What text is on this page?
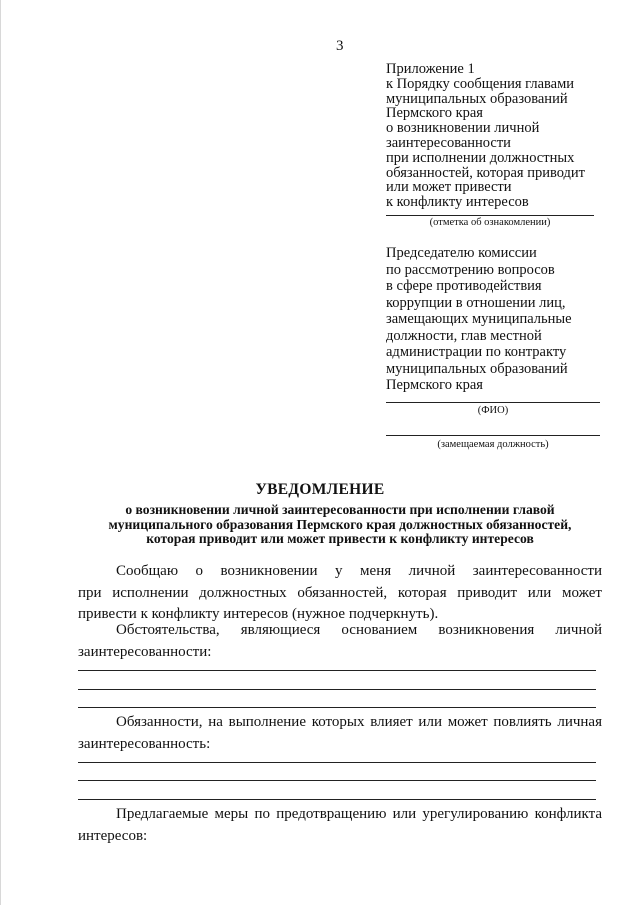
3
Приложение 1
к Порядку сообщения главами
муниципальных образований
Пермского края
о возникновении личной
заинтересованности
при исполнении должностных
обязанностей, которая приводит
или может привести
к конфликту интересов
(отметка об ознакомлении)
Председателю комиссии
по рассмотрению вопросов
в сфере противодействия
коррупции в отношении лиц,
замещающих муниципальные
должности, глав местной
администрации по контракту
муниципальных образований
Пермского края
(ФИО)
(замещаемая должность)
УВЕДОМЛЕНИЕ
о возникновении личной заинтересованности при исполнении главой
муниципального образования Пермского края должностных обязанностей,
которая приводит или может привести к конфликту интересов
Сообщаю о возникновении у меня личной заинтересованности
при исполнении должностных обязанностей, которая приводит или может
привести к конфликту интересов (нужное подчеркнуть).
Обстоятельства, являющиеся основанием возникновения личной
заинтересованности:
Обязанности, на выполнение которых влияет или может повлиять личная
заинтересованность:
Предлагаемые меры по предотвращению или урегулированию конфликта
интересов:
